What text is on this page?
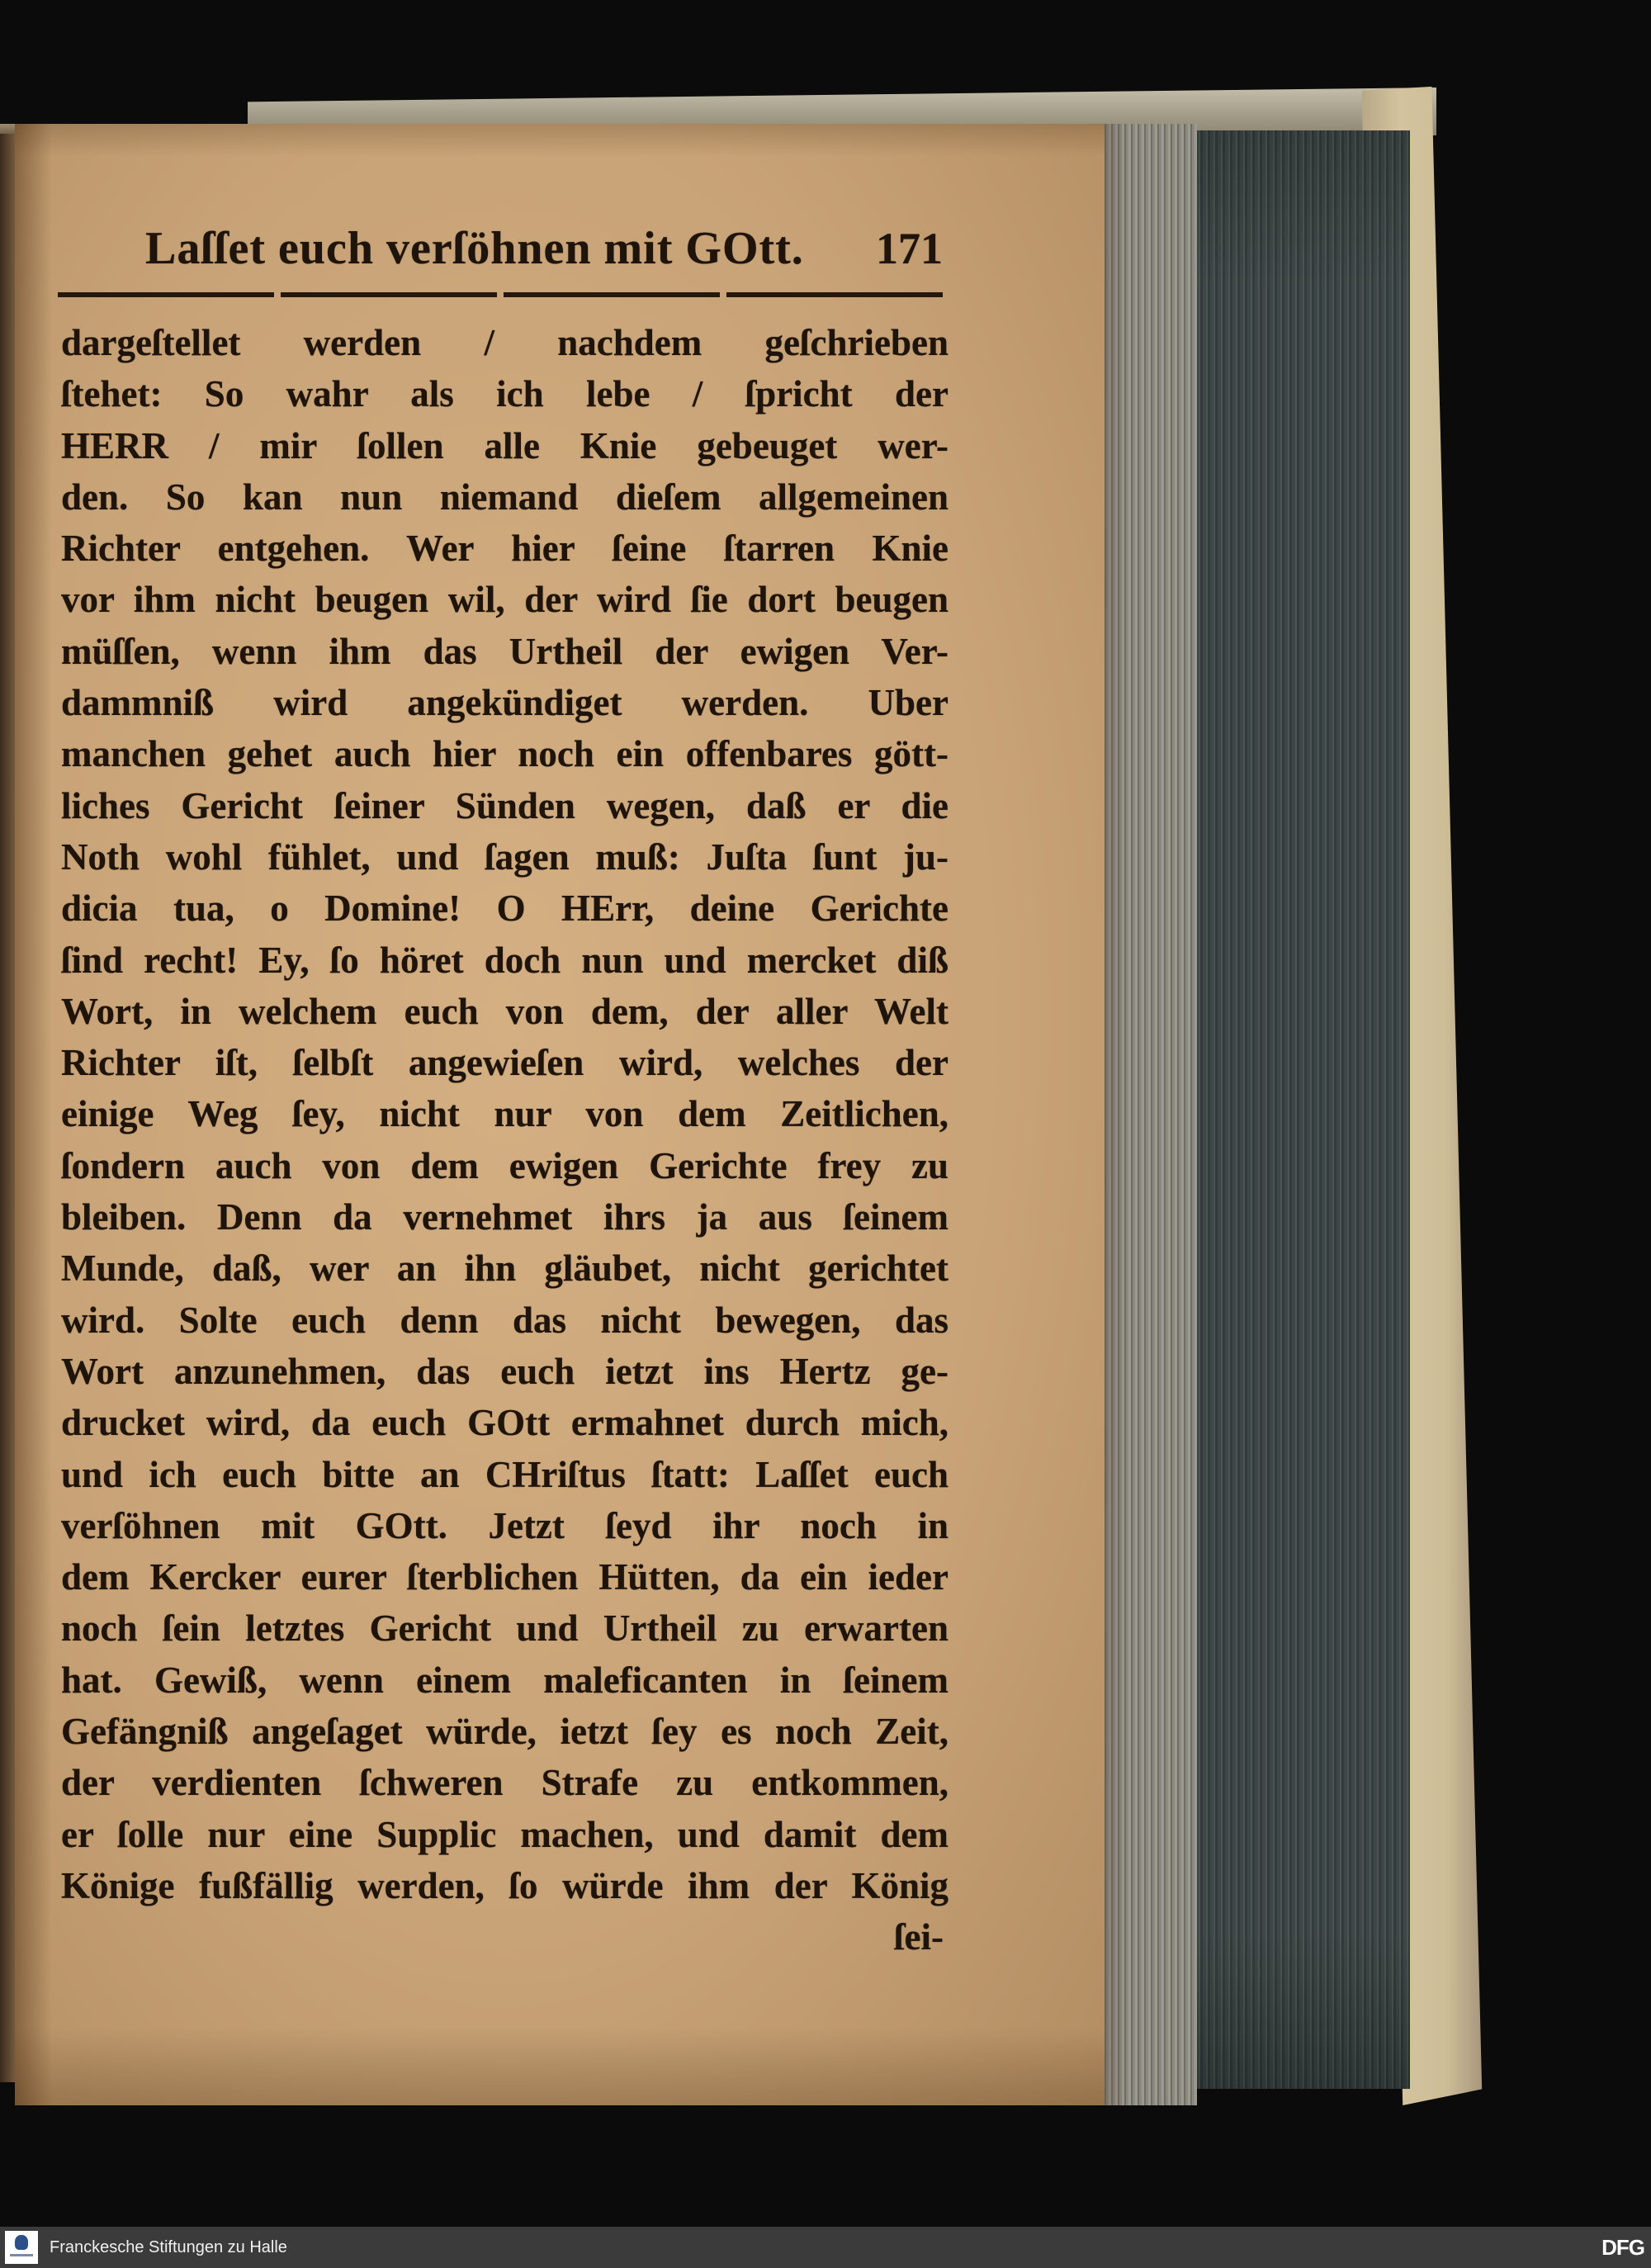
Laſſet euch verſöhnen mit GOtt. 171
dargeſtellet werden / nachdem geſchrieben
ſtehet: So wahr als ich lebe / ſpricht der
HERR / mir ſollen alle Knie gebeuget wer-
den. So kan nun niemand dieſem allgemeinen
Richter entgehen. Wer hier ſeine ſtarren Knie
vor ihm nicht beugen wil, der wird ſie dort beugen
müſſen, wenn ihm das Urtheil der ewigen Ver-
dammniß wird angekündiget werden. Uber
manchen gehet auch hier noch ein offenbares gött-
liches Gericht ſeiner Sünden wegen, daß er die
Noth wohl fühlet, und ſagen muß: Juſta ſunt ju-
dicia tua, o Domine! O HErr, deine Gerichte
ſind recht! Ey, ſo höret doch nun und mercket diß
Wort, in welchem euch von dem, der aller Welt
Richter iſt, ſelbſt angewieſen wird, welches der
einige Weg ſey, nicht nur von dem Zeitlichen,
ſondern auch von dem ewigen Gerichte frey zu
bleiben. Denn da vernehmet ihrs ja aus ſeinem
Munde, daß, wer an ihn gläubet, nicht gerichtet
wird. Solte euch denn das nicht bewegen, das
Wort anzunehmen, das euch ietzt ins Hertz ge-
drucket wird, da euch GOtt ermahnet durch mich,
und ich euch bitte an CHriſtus ſtatt: Laſſet euch
verſöhnen mit GOtt. Jetzt ſeyd ihr noch in
dem Kercker eurer ſterblichen Hütten, da ein ieder
noch ſein letztes Gericht und Urtheil zu erwarten
hat. Gewiß, wenn einem maleficanten in ſeinem
Gefängniß angeſaget würde, ietzt ſey es noch Zeit,
der verdienten ſchweren Strafe zu entkommen,
er ſolle nur eine Supplic machen, und damit dem
Könige fußfällig werden, ſo würde ihm der König
ſei-
Franckesche Stiftungen zu Halle	DFG
